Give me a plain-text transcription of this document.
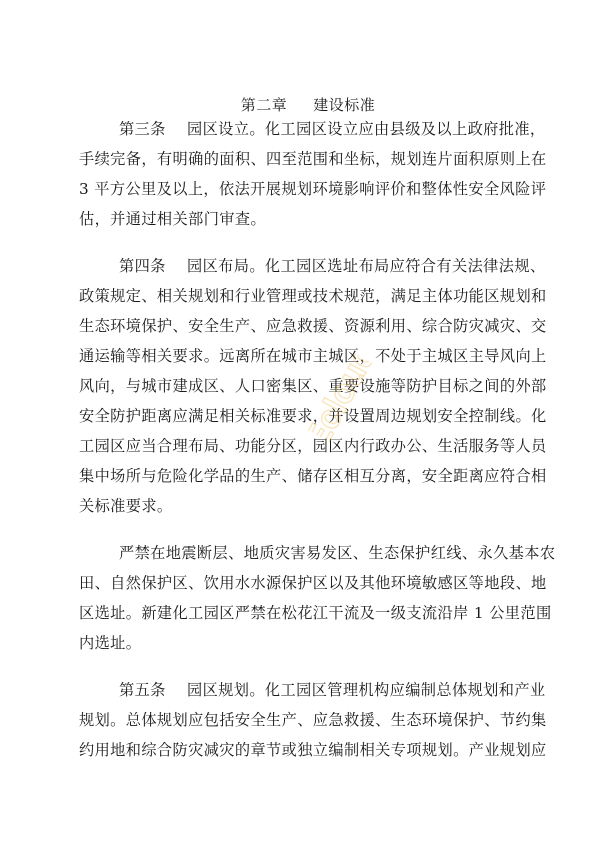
第二章 建设标准

第三条 园区设立。化工园区设立应由县级及以上政府批准，
手续完备，有明确的面积、四至范围和坐标，规划连片面积原则上在
3 平方公里及以上，依法开展规划环境影响评价和整体性安全风险评
估，并通过相关部门审查。
第四条 园区布局。化工园区选址布局应符合有关法律法规、
政策规定、相关规划和行业管理或技术规范，满足主体功能区规划和
生态环境保护、安全生产、应急救援、资源利用、综合防灾减灾、交
通运输等相关要求。远离所在城市主城区，不处于主城区主导风向上
风向，与城市建成区、人口密集区、重要设施等防护目标之间的外部
安全防护距离应满足相关标准要求，并设置周边规划安全控制线。化
工园区应当合理布局、功能分区，园区内行政办公、生活服务等人员
集中场所与危险化学品的生产、储存区相互分离，安全距离应符合相
关标准要求。
严禁在地震断层、地质灾害易发区、生态保护红线、永久基本农
田、自然保护区、饮用水水源保护区以及其他环境敏感区等地段、地
区选址。新建化工园区严禁在松花江干流及一级支流沿岸 1 公里范围
内选址。
第五条 园区规划。化工园区管理机构应编制总体规划和产业
规划。总体规划应包括安全生产、应急救援、生态环境保护、节约集
约用地和综合防灾减灾的章节或独立编制相关专项规划。产业规划应
Ecloud
